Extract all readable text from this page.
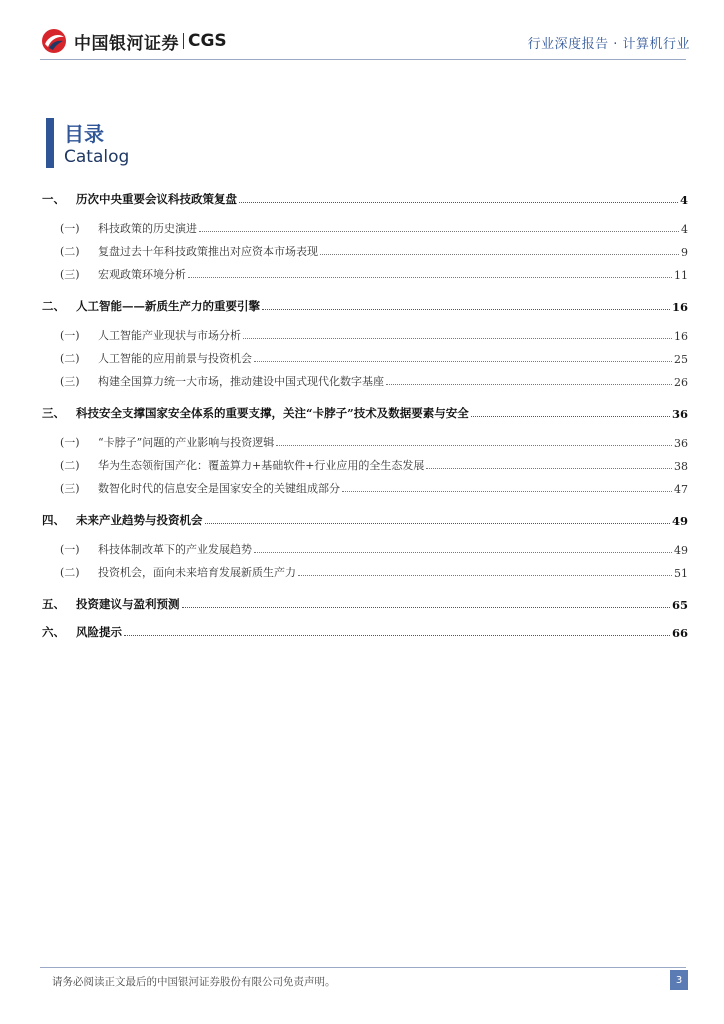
中国银河证券 CGS	行业深度报告 · 计算机行业
目录
Catalog
一、 历次中央重要会议科技政策复盘	4
(一)	科技政策的历史演进	4
(二)	复盘过去十年科技政策推出对应资本市场表现	9
(三)	宏观政策环境分析	11
二、 人工智能——新质生产力的重要引擎	16
(一)	人工智能产业现状与市场分析	16
(二)	人工智能的应用前景与投资机会	25
(三)	构建全国算力统一大市场，推动建设中国式现代化数字基座	26
三、 科技安全支撑国家安全体系的重要支撑，关注“卡脖子”技术及数据要素与安全	36
(一)	“卡脖子”问题的产业影响与投资逻辑	36
(二)	华为生态领衔国产化：覆盖算力+基础软件+行业应用的全生态发展	38
(三)	数智化时代的信息安全是国家安全的关键组成部分	47
四、 未来产业趋势与投资机会	49
(一)	科技体制改革下的产业发展趋势	49
(二)	投资机会，面向未来培育发展新质生产力	51
五、 投资建议与盈利预测	65
六、 风险提示	66
请务必阅读正文最后的中国银河证券股份有限公司免责声明。	3
